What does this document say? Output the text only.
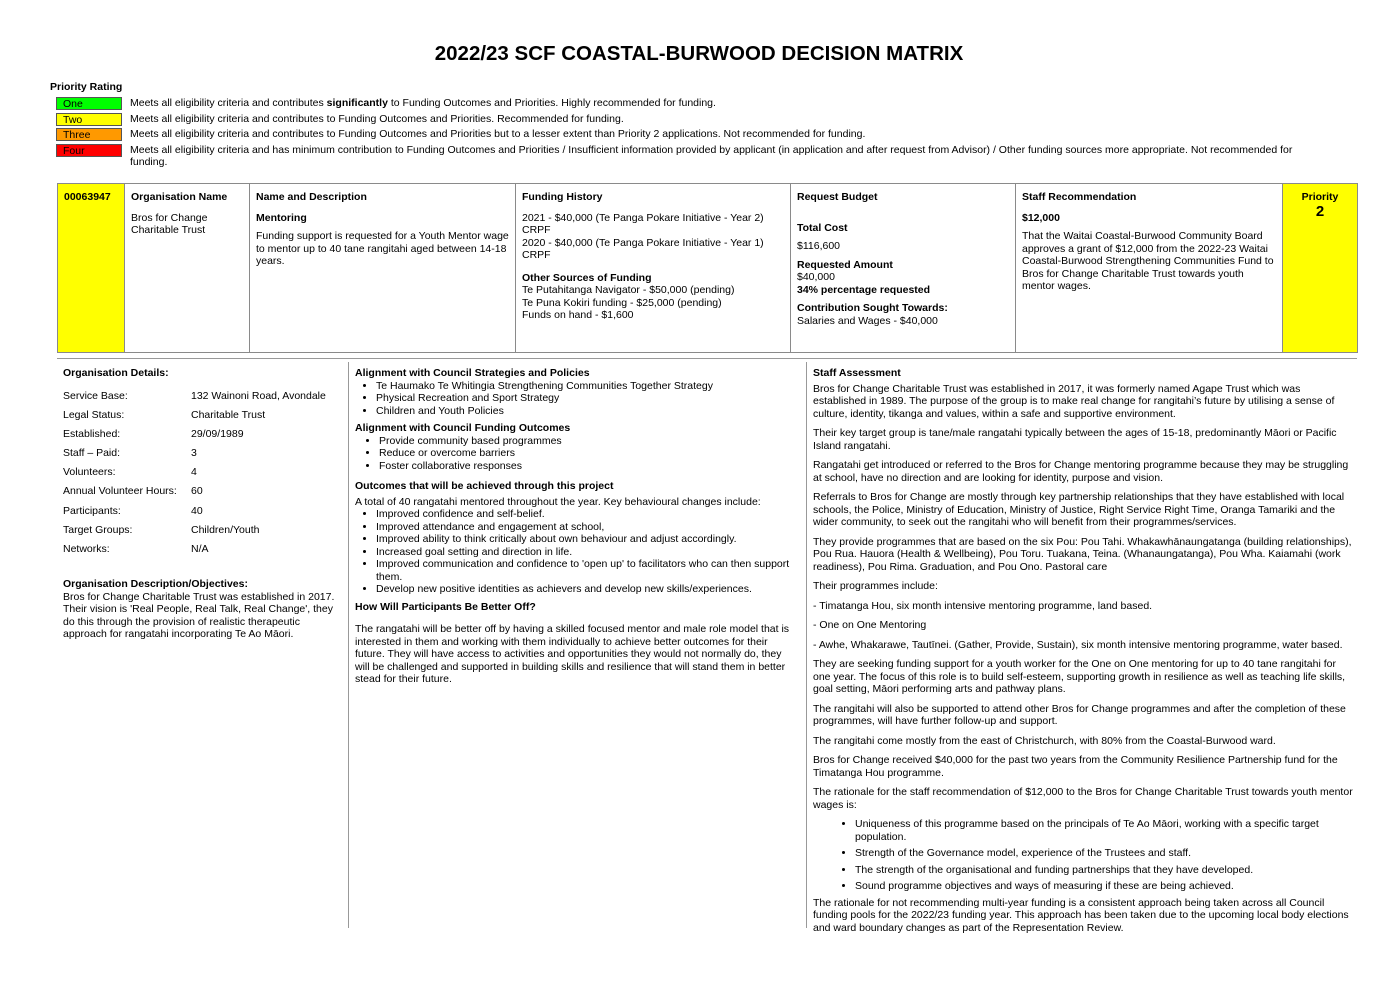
2022/23 SCF COASTAL-BURWOOD DECISION MATRIX
Priority Rating
One	Meets all eligibility criteria and contributes significantly to Funding Outcomes and Priorities. Highly recommended for funding.
Two	Meets all eligibility criteria and contributes to Funding Outcomes and Priorities. Recommended for funding.
Three	Meets all eligibility criteria and contributes to Funding Outcomes and Priorities but to a lesser extent than Priority 2 applications. Not recommended for funding.
Four	Meets all eligibility criteria and has minimum contribution to Funding Outcomes and Priorities / Insufficient information provided by applicant (in application and after request from Advisor) / Other funding sources more appropriate. Not recommended for funding.
00063947	Organisation Name
Bros for Change Charitable Trust

Name and Description
Mentoring
Funding support is requested for a Youth Mentor wage to mentor up to 40 tane rangitahi aged between 14-18 years.

Funding History
2021 - $40,000 (Te Panga Pokare Initiative - Year 2) CRPF
2020 - $40,000 (Te Panga Pokare Initiative - Year 1) CRPF
Other Sources of Funding
Te Putahitanga Navigator - $50,000 (pending)
Te Puna Kokiri funding - $25,000 (pending)
Funds on hand - $1,600

Request Budget
Total Cost
$116,600
Requested Amount
$40,000
34% percentage requested
Contribution Sought Towards:
Salaries and Wages - $40,000

Staff Recommendation
$12,000
That the Waitai Coastal-Burwood Community Board approves a grant of $12,000 from the 2022-23 Waitai Coastal-Burwood Strengthening Communities Fund to Bros for Change Charitable Trust towards youth mentor wages.

Priority
2
Organisation Details:
Service Base:	132 Wainoni Road, Avondale
Legal Status:	Charitable Trust
Established:	29/09/1989
Staff – Paid:	3
Volunteers:	4
Annual Volunteer Hours:	60
Participants:	40
Target Groups:	Children/Youth
Networks:	N/A
Organisation Description/Objectives:
Bros for Change Charitable Trust was established in 2017. Their vision is 'Real People, Real Talk, Real Change', they do this through the provision of realistic therapeutic approach for rangatahi incorporating Te Ao Māori.
Alignment with Council Strategies and Policies
• Te Haumako Te Whitingia Strengthening Communities Together Strategy
• Physical Recreation and Sport Strategy
• Children and Youth Policies
Alignment with Council Funding Outcomes
• Provide community based programmes
• Reduce or overcome barriers
• Foster collaborative responses
Outcomes that will be achieved through this project
A total of 40 rangatahi mentored throughout the year. Key behavioural changes include:
• Improved confidence and self-belief.
• Improved attendance and engagement at school,
• Improved ability to think critically about own behaviour and adjust accordingly.
• Increased goal setting and direction in life.
• Improved communication and confidence to 'open up' to facilitators who can then support them.
• Develop new positive identities as achievers and develop new skills/experiences.
How Will Participants Be Better Off?
The rangatahi will be better off by having a skilled focused mentor and male role model that is interested in them and working with them individually to achieve better outcomes for their future. They will have access to activities and opportunities they would not normally do, they will be challenged and supported in building skills and resilience that will stand them in better stead for their future.
Staff Assessment

Bros for Change Charitable Trust was established in 2017, it was formerly named Agape Trust which was established in 1989. The purpose of the group is to make real change for rangitahi’s future by utilising a sense of culture, identity, tikanga and values, within a safe and supportive environment.

Their key target group is tane/male rangatahi typically between the ages of 15-18, predominantly Māori or Pacific Island rangatahi.

Rangatahi get introduced or referred to the Bros for Change mentoring programme because they may be struggling at school, have no direction and are looking for identity, purpose and vision.

Referrals to Bros for Change are mostly through key partnership relationships that they have established with local schools, the Police, Ministry of Education, Ministry of Justice, Right Service Right Time, Oranga Tamariki and the wider community, to seek out the rangitahi who will benefit from their programmes/services.

They provide programmes that are based on the six Pou: Pou Tahi. Whakawhānaungatanga (building relationships), Pou Rua. Hauora (Health & Wellbeing), Pou Toru. Tuakana, Teina. (Whanaungatanga), Pou Wha. Kaiamahi (work readiness), Pou Rima. Graduation, and Pou Ono. Pastoral care

Their programmes include:

- Timatanga Hou, six month intensive mentoring programme, land based.

- One on One Mentoring

- Awhe, Whakarawe, Tautīnei. (Gather, Provide, Sustain), six month intensive mentoring programme, water based.

They are seeking funding support for a youth worker for the One on One mentoring for up to 40 tane rangitahi for one year. The focus of this role is to build self-esteem, supporting growth in resilience as well as teaching life skills, goal setting, Māori performing arts and pathway plans.

The rangitahi will also be supported to attend other Bros for Change programmes and after the completion of these programmes, will have further follow-up and support.

The rangitahi come mostly from the east of Christchurch, with 80% from the Coastal-Burwood ward.

Bros for Change received $40,000 for the past two years from the Community Resilience Partnership fund for the Timatanga Hou programme.

The rationale for the staff recommendation of $12,000 to the Bros for Change Charitable Trust towards youth mentor wages is:

• Uniqueness of this programme based on the principals of Te Ao Māori, working with a specific target population.
• Strength of the Governance model, experience of the Trustees and staff.
• The strength of the organisational and funding partnerships that they have developed.
• Sound programme objectives and ways of measuring if these are being achieved.
The rationale for not recommending multi-year funding is a consistent approach being taken across all Council funding pools for the 2022/23 funding year. This approach has been taken due to the upcoming local body elections and ward boundary changes as part of the Representation Review.
